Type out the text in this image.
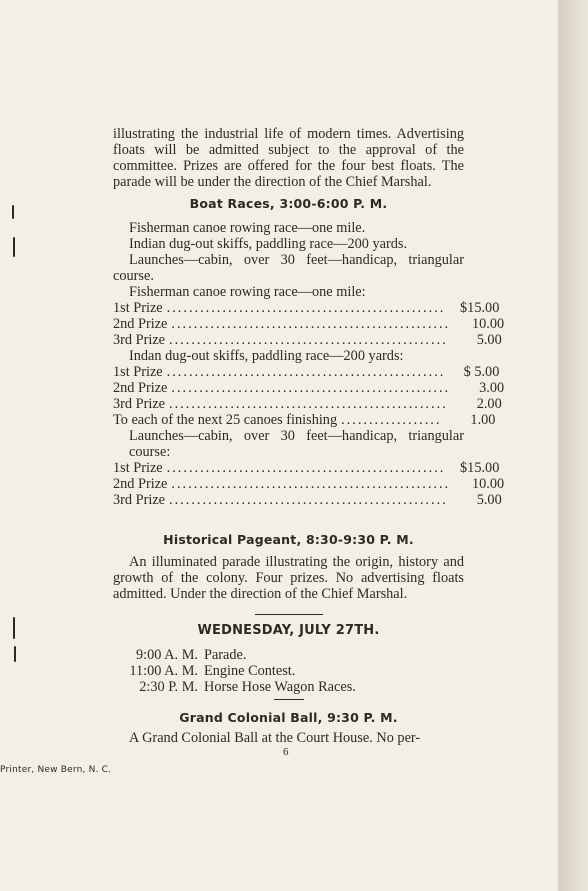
illustrating the industrial life of modern times. Advertising floats will be admitted subject to the approval of the committee. Prizes are offered for the four best floats. The parade will be under the direction of the Chief Marshal.

Boat Races, 3:00-6:00 P. M.

Fisherman canoe rowing race—one mile.

Indian dug-out skiffs, paddling race—200 yards.

Launches—cabin, over 30 feet—handicap, triangular course.

Fisherman canoe rowing race—one mile:

1st Prize ..................................................	$15.00
2nd Prize ..................................................	10.00
3rd Prize ..................................................	5.00

Indan dug-out skiffs, paddling race—200 yards:

1st Prize ..................................................	$ 5.00
2nd Prize ..................................................	3.00
3rd Prize ..................................................	2.00
To each of the next 25 canoes finishing ..................	1.00

Launches—cabin, over 30 feet—handicap, triangular course:

1st Prize ..................................................	$15.00
2nd Prize ..................................................	10.00
3rd Prize ..................................................	5.00
Historical Pageant, 8:30-9:30 P. M.

An illuminated parade illustrating the origin, history and growth of the colony. Four prizes. No advertising floats admitted. Under the direction of the Chief Marshal.

WEDNESDAY, JULY 27TH.
9:00 A. M. Parade.
11:00 A. M. Engine Contest.
2:30 P. M. Horse Hose Wagon Races.
Grand Colonial Ball, 9:30 P. M.

A Grand Colonial Ball at the Court House. No per-

6
Printer, New Bern, N. C.
